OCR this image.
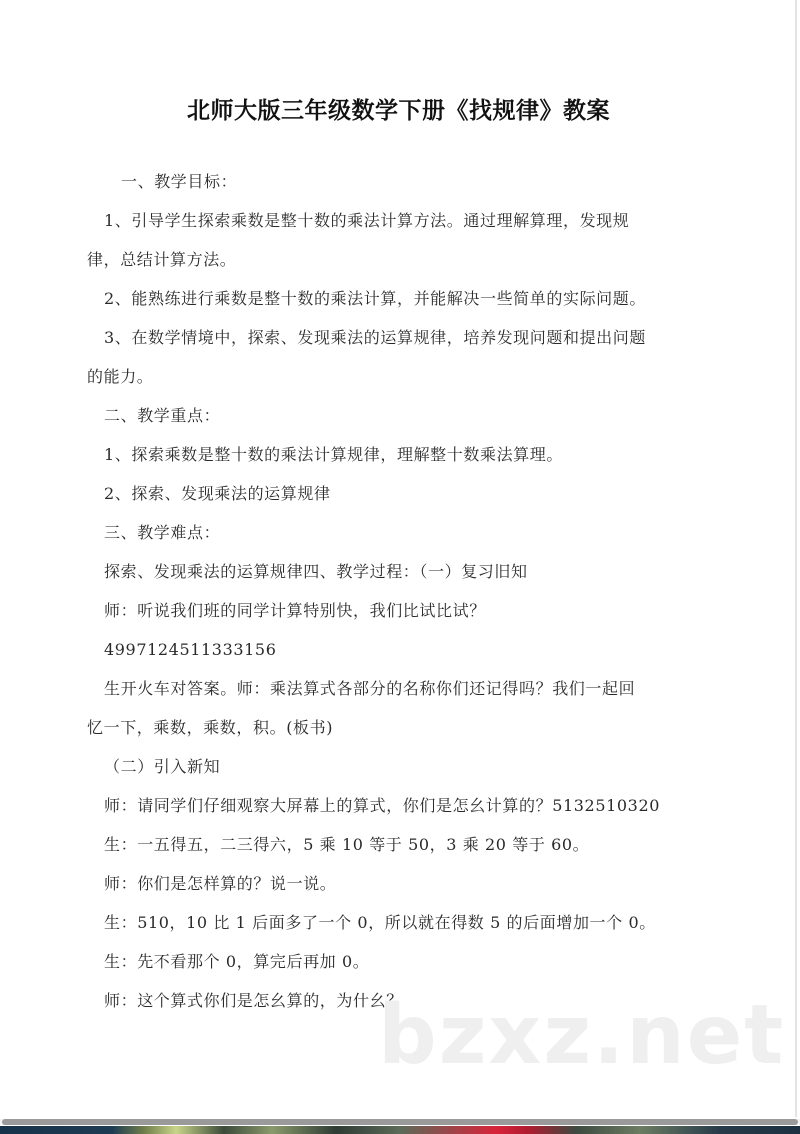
北师大版三年级数学下册《找规律》教案
一、教学目标：
1、引导学生探索乘数是整十数的乘法计算方法。通过理解算理，发现规
律，总结计算方法。
2、能熟练进行乘数是整十数的乘法计算，并能解决一些简单的实际问题。
3、在数学情境中，探索、发现乘法的运算规律，培养发现问题和提出问题
的能力。
二、教学重点：
1、探索乘数是整十数的乘法计算规律，理解整十数乘法算理。
2、探索、发现乘法的运算规律
三、教学难点：
探索、发现乘法的运算规律四、教学过程：（一）复习旧知
师：听说我们班的同学计算特别快，我们比试比试？
4997124511333156
生开火车对答案。师：乘法算式各部分的名称你们还记得吗？我们一起回
忆一下，乘数，乘数，积。(板书)
（二）引入新知
师：请同学们仔细观察大屏幕上的算式，你们是怎幺计算的？5132510320
生：一五得五，二三得六，5 乘 10 等于 50，3 乘 20 等于 60。
师：你们是怎样算的？说一说。
生：510，10 比 1 后面多了一个 0，所以就在得数 5 的后面增加一个 0。
生：先不看那个 0，算完后再加 0。
师：这个算式你们是怎幺算的，为什幺？
bzxz.net
